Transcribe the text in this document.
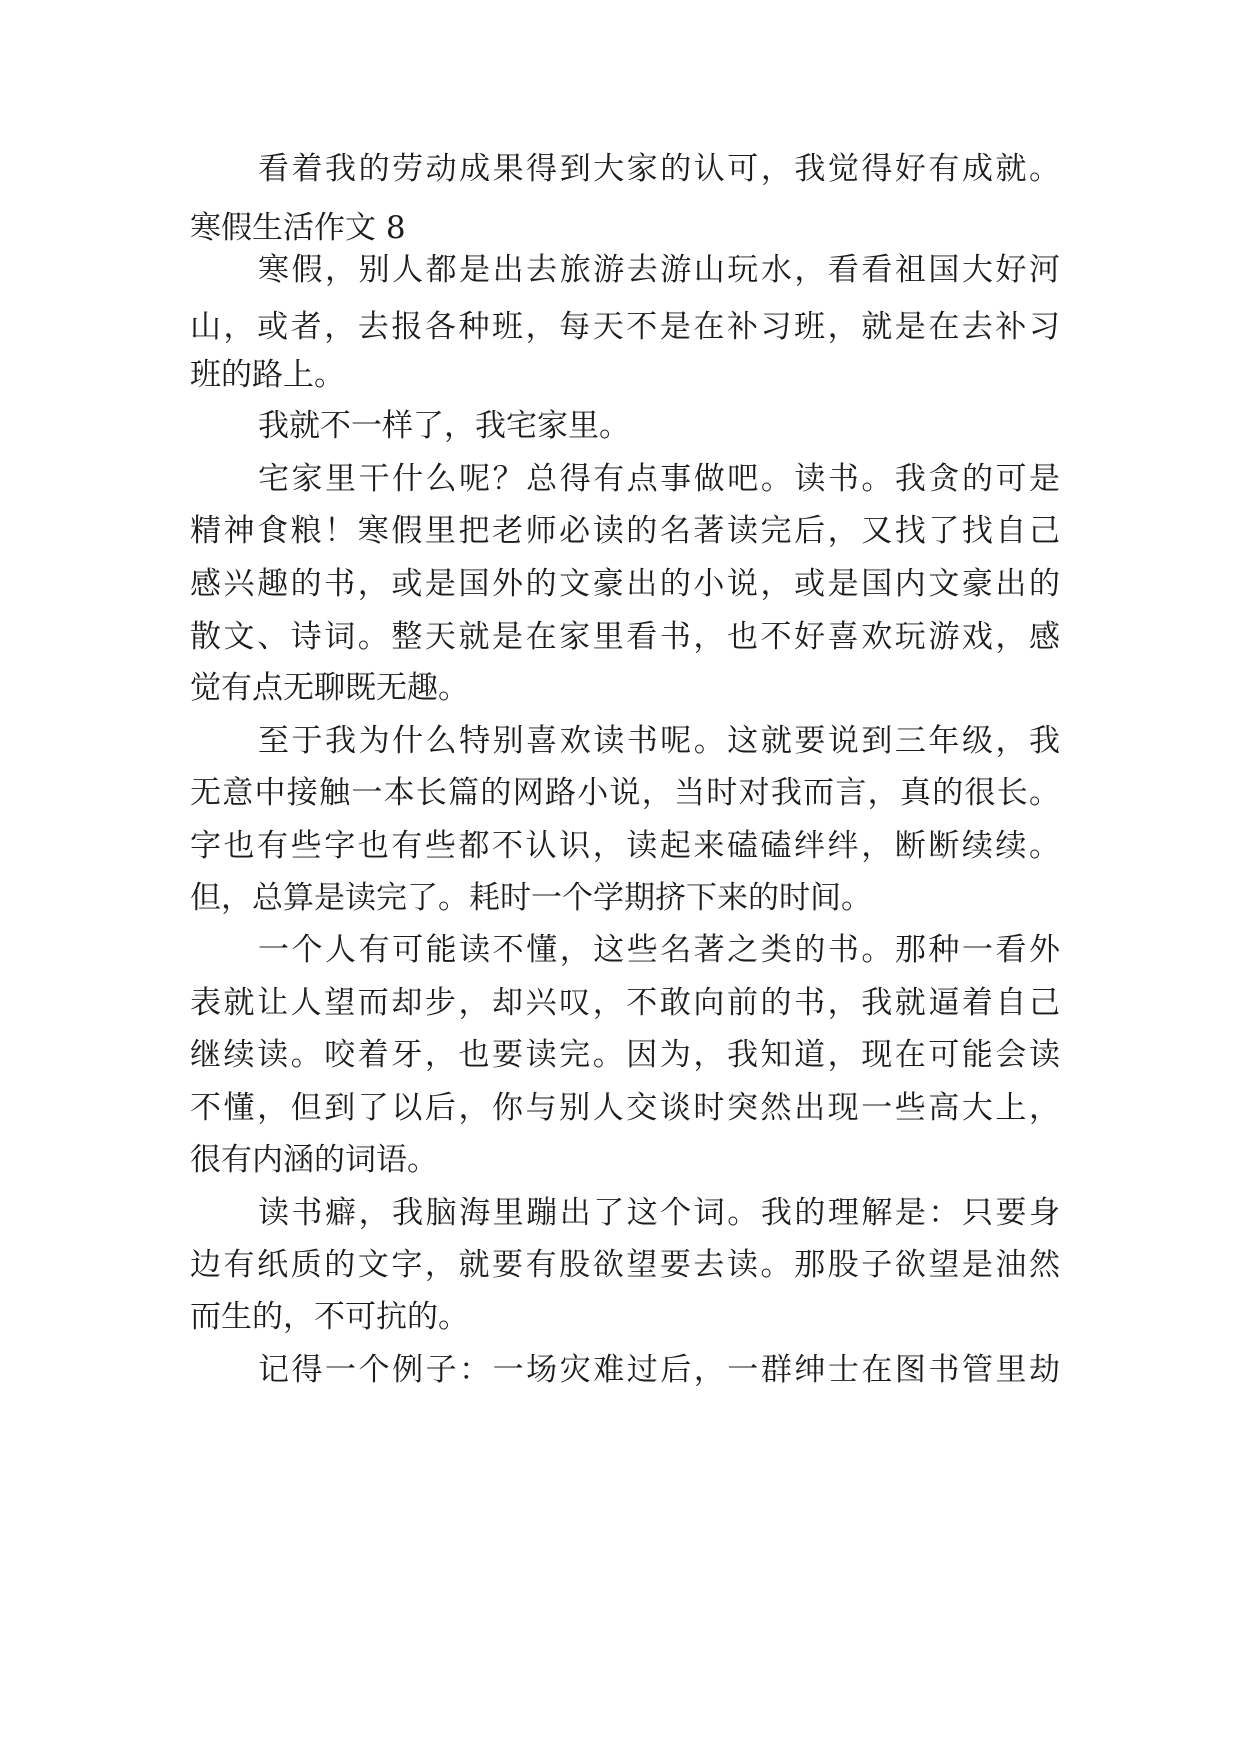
看着我的劳动成果得到大家的认可，我觉得好有成就。
寒假生活作文 8
寒假，别人都是出去旅游去游山玩水，看看祖国大好河
山，或者，去报各种班，每天不是在补习班，就是在去补习
班的路上。
我就不一样了，我宅家里。
宅家里干什么呢？总得有点事做吧。读书。我贪的可是
精神食粮！寒假里把老师必读的名著读完后，又找了找自己
感兴趣的书，或是国外的文豪出的小说，或是国内文豪出的
散文、诗词。整天就是在家里看书，也不好喜欢玩游戏，感
觉有点无聊既无趣。
至于我为什么特别喜欢读书呢。这就要说到三年级，我
无意中接触一本长篇的网路小说，当时对我而言，真的很长。
字也有些字也有些都不认识，读起来磕磕绊绊，断断续续。
但，总算是读完了。耗时一个学期挤下来的时间。
一个人有可能读不懂，这些名著之类的书。那种一看外
表就让人望而却步，却兴叹，不敢向前的书，我就逼着自己
继续读。咬着牙，也要读完。因为，我知道，现在可能会读
不懂，但到了以后，你与别人交谈时突然出现一些高大上，
很有内涵的词语。
读书癖，我脑海里蹦出了这个词。我的理解是：只要身
边有纸质的文字，就要有股欲望要去读。那股子欲望是油然
而生的，不可抗的。
记得一个例子：一场灾难过后，一群绅士在图书管里劫
